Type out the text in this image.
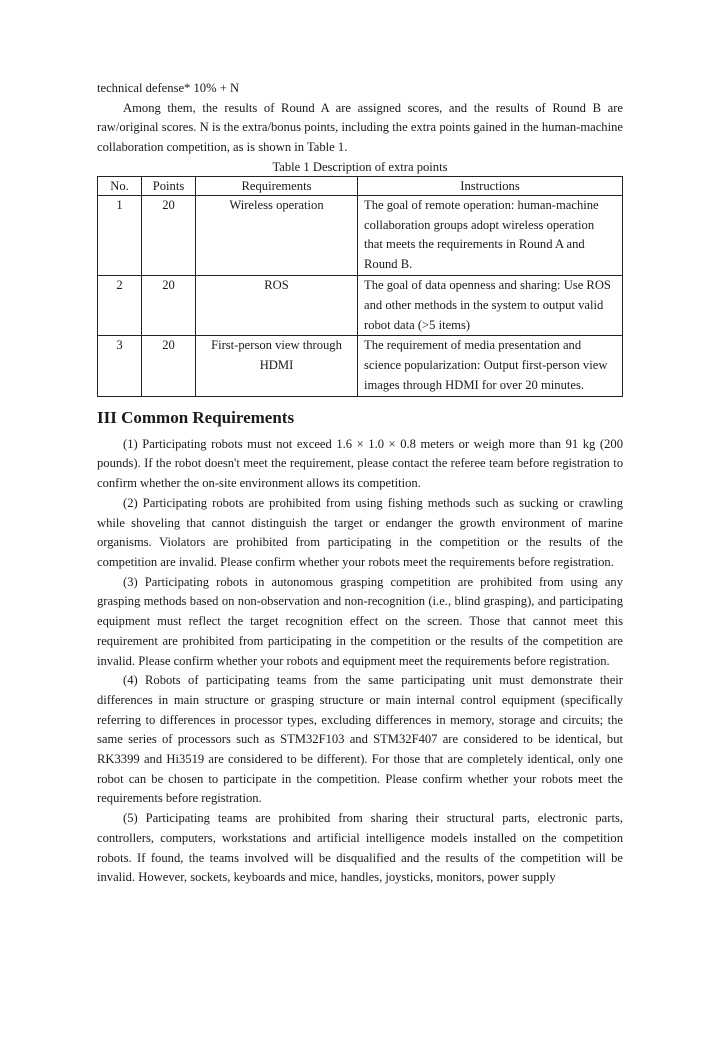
technical defense* 10% + N

Among them, the results of Round A are assigned scores, and the results of Round B are raw/original scores. N is the extra/bonus points, including the extra points gained in the human-machine collaboration competition, as is shown in Table 1.

Table 1 Description of extra points
No.	Points	Requirements	Instructions
1	20	Wireless operation	The goal of remote operation: human-machine collaboration groups adopt wireless operation that meets the requirements in Round A and Round B.
2	20	ROS	The goal of data openness and sharing: Use ROS and other methods in the system to output valid robot data (>5 items)
3	20	First-person view through HDMI	The requirement of media presentation and science popularization: Output first-person view images through HDMI for over 20 minutes.
III Common Requirements

(1) Participating robots must not exceed 1.6 × 1.0 × 0.8 meters or weigh more than 91 kg (200 pounds). If the robot doesn't meet the requirement, please contact the referee team before registration to confirm whether the on-site environment allows its competition.

(2) Participating robots are prohibited from using fishing methods such as sucking or crawling while shoveling that cannot distinguish the target or endanger the growth environment of marine organisms. Violators are prohibited from participating in the competition or the results of the competition are invalid. Please confirm whether your robots meet the requirements before registration.

(3) Participating robots in autonomous grasping competition are prohibited from using any grasping methods based on non-observation and non-recognition (i.e., blind grasping), and participating equipment must reflect the target recognition effect on the screen. Those that cannot meet this requirement are prohibited from participating in the competition or the results of the competition are invalid. Please confirm whether your robots and equipment meet the requirements before registration.

(4) Robots of participating teams from the same participating unit must demonstrate their differences in main structure or grasping structure or main internal control equipment (specifically referring to differences in processor types, excluding differences in memory, storage and circuits; the same series of processors such as STM32F103 and STM32F407 are considered to be identical, but RK3399 and Hi3519 are considered to be different). For those that are completely identical, only one robot can be chosen to participate in the competition. Please confirm whether your robots meet the requirements before registration.

(5) Participating teams are prohibited from sharing their structural parts, electronic parts, controllers, computers, workstations and artificial intelligence models installed on the competition robots. If found, the teams involved will be disqualified and the results of the competition will be invalid. However, sockets, keyboards and mice, handles, joysticks, monitors, power supply
